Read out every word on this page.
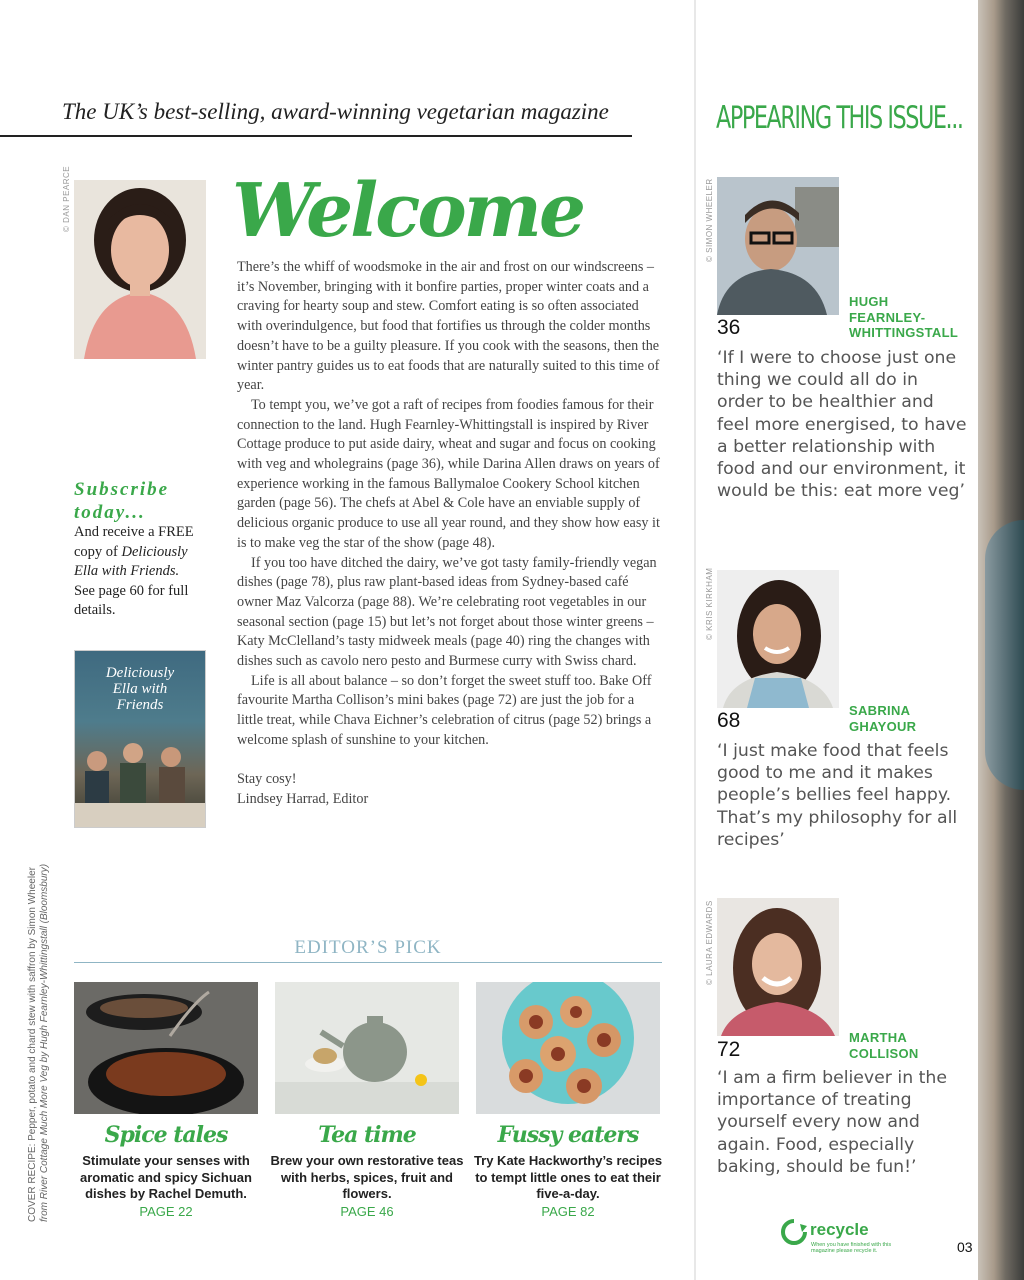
The UK’s best-selling, award-winning vegetarian magazine
© DAN PEARCE Welcome

There’s the whiff of woodsmoke in the air and frost on our windscreens – it’s November, bringing with it bonfire parties, proper winter coats and a craving for hearty soup and stew. Comfort eating is so often associated with overindulgence, but food that fortifies us through the colder months doesn’t have to be a guilty pleasure. If you cook with the seasons, then the winter pantry guides us to eat foods that are naturally suited to this time of year.

To tempt you, we’ve got a raft of recipes from foodies famous for their connection to the land. Hugh Fearnley-Whittingstall is inspired by River Cottage produce to put aside dairy, wheat and sugar and focus on cooking with veg and wholegrains (page 36), while Darina Allen draws on years of experience working in the famous Ballymaloe Cookery School kitchen garden (page 56). The chefs at Abel & Cole have an enviable supply of delicious organic produce to use all year round, and they show how easy it is to make veg the star of the show (page 48).

If you too have ditched the dairy, we’ve got tasty family-friendly vegan dishes (page 78), plus raw plant-based ideas from Sydney-based café owner Maz Valcorza (page 88). We’re celebrating root vegetables in our seasonal section (page 15) but let’s not forget about those winter greens – Katy McClelland’s tasty midweek meals (page 40) ring the changes with dishes such as cavolo nero pesto and Burmese curry with Swiss chard.

Life is all about balance – so don’t forget the sweet stuff too. Bake Off favourite Martha Collison’s mini bakes (page 72) are just the job for a little treat, while Chava Eichner’s celebration of citrus (page 52) brings a welcome splash of sunshine to your kitchen.

Stay cosy!

Lindsey Harrad, Editor

Subscribe
today...
And receive a FREE copy of Deliciously Ella with Friends. See page 60 for full details.
Deliciously
Ella with
Friends
EDITOR’S PICK
Spice tales
Stimulate your senses with aromatic and spicy Sichuan dishes by Rachel Demuth.
PAGE 22
Tea time
Brew your own restorative teas with herbs, spices, fruit and flowers.
PAGE 46
Fussy eaters
Try Kate Hackworthy’s recipes to tempt little ones to eat their five-a-day.
PAGE 82
APPEARING THIS ISSUE...
© SIMON WHEELER
36
HUGH
FEARNLEY-
WHITTINGSTALL
‘If I were to choose just one thing we could all do in order to be healthier and feel more energised, to have a better relationship with food and our environment, it would be this: eat more veg’
© KRIS KIRKHAM
68	SABRINA
GHAYOUR
‘I just make food that feels good to me and it makes people’s bellies feel happy. That’s my philosophy for all recipes’
© LAURA EDWARDS
72
MARTHA
COLLISON
‘I am a firm believer in the importance of treating yourself every now and again. Food, especially baking, should be fun!’
COVER RECIPE: Pepper, potato and chard stew with saffron by Simon Wheeler from River Cottage Much More Veg by Hugh Fearnley-Whittingstall (Bloomsbury)
recycle
When you have finished with this magazine please recycle it.	03
